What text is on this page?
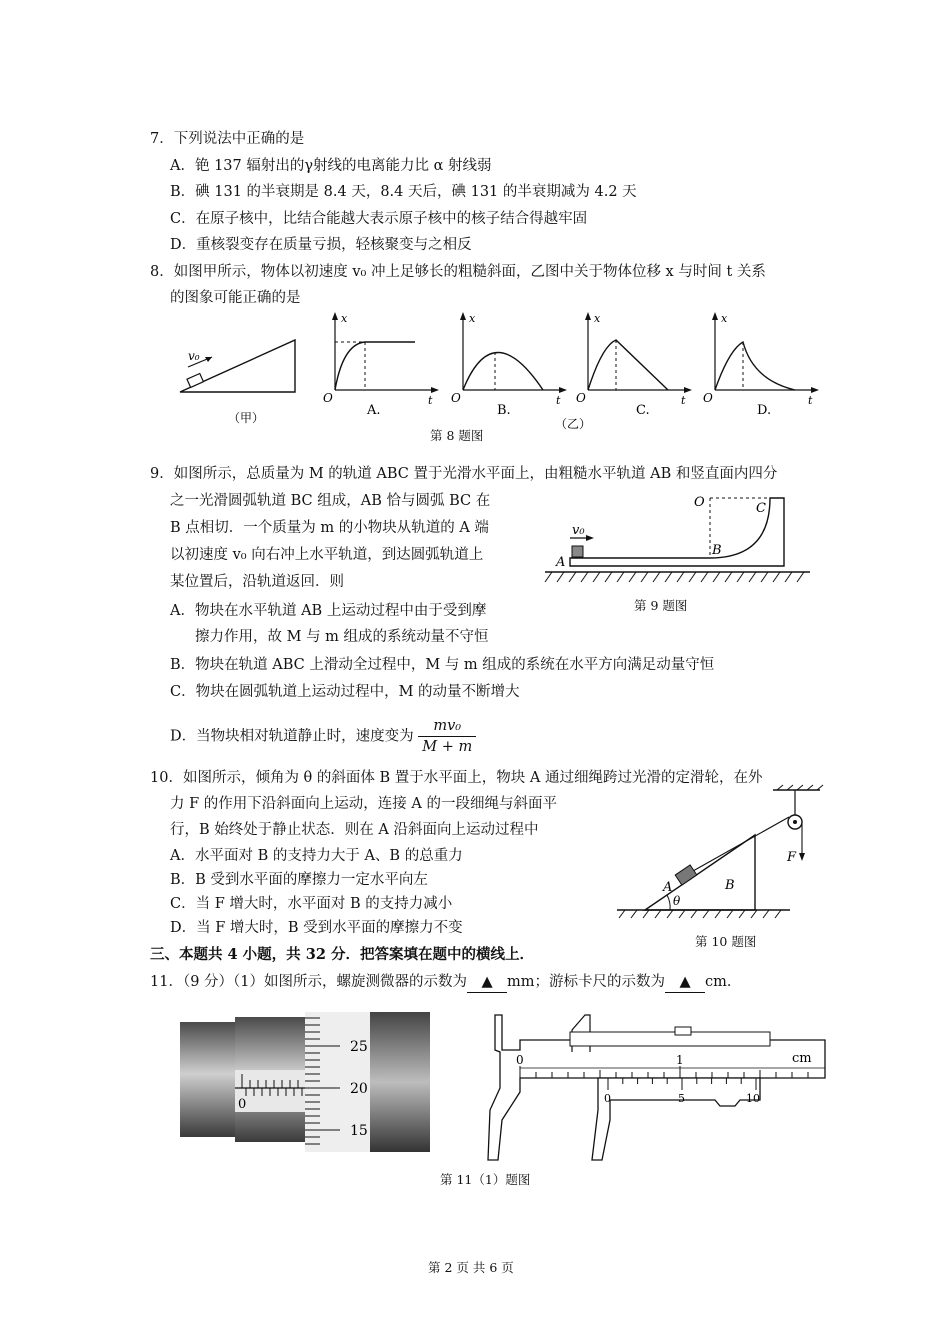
7．下列说法中正确的是
A．铯 137 辐射出的γ射线的电离能力比 α 射线弱
B．碘 131 的半衰期是 8.4 天，8.4 天后，碘 131 的半衰期减为 4.2 天
C．在原子核中，比结合能越大表示原子核中的核子结合得越牢固
D．重核裂变存在质量亏损，轻核聚变与之相反
8．如图甲所示，物体以初速度 v₀ 冲上足够长的粗糙斜面，乙图中关于物体位移 x 与时间 t 关系
的图象可能正确的是
v₀
（甲）
x
t
O
A.
x
t
O
B.
（乙）
x
t
O
C.
x
t
O
D.
第 8 题图
9．如图所示，总质量为 M 的轨道 ABC 置于光滑水平面上，由粗糙水平轨道 AB 和竖直面内四分
之一光滑圆弧轨道 BC 组成，AB 恰与圆弧 BC 在
B 点相切．一个质量为 m 的小物块从轨道的 A 端
以初速度 v₀ 向右冲上水平轨道，到达圆弧轨道上
某位置后，沿轨道返回．则
A．物块在水平轨道 AB 上运动过程中由于受到摩
擦力作用，故 M 与 m 组成的系统动量不守恒
B．物块在轨道 ABC 上滑动全过程中，M 与 m 组成的系统在水平方向满足动量守恒
C．物块在圆弧轨道上运动过程中，M 的动量不断增大
D．当物块相对轨道静止时，速度变为 $\frac{\text{mv₀}}{M + m}$
v₀
A
B
O	C
第 9 题图
10．如图所示，倾角为 θ 的斜面体 B 置于水平面上，物块 A 通过细绳跨过光滑的定滑轮，在外
力 F 的作用下沿斜面向上运动，连接 A 的一段细绳与斜面平
行，B 始终处于静止状态．则在 A 沿斜面向上运动过程中
A．水平面对 B 的支持力大于 A、B 的总重力
B．B 受到水平面的摩擦力一定水平向左
C．当 F 增大时，水平面对 B 的支持力减小
D．当 F 增大时，B 受到水平面的摩擦力不变
F
θ
A	B
第 10 题图
三、本题共 4 小题，共 32 分．把答案填在题中的横线上．
11．（9 分）（1）如图所示，螺旋测微器的示数为 ▲ mm；游标卡尺的示数为 ▲ cm．
0
25
20
15
0	1	cm
0	5	10
第 11（1）题图
第 2 页 共 6 页
